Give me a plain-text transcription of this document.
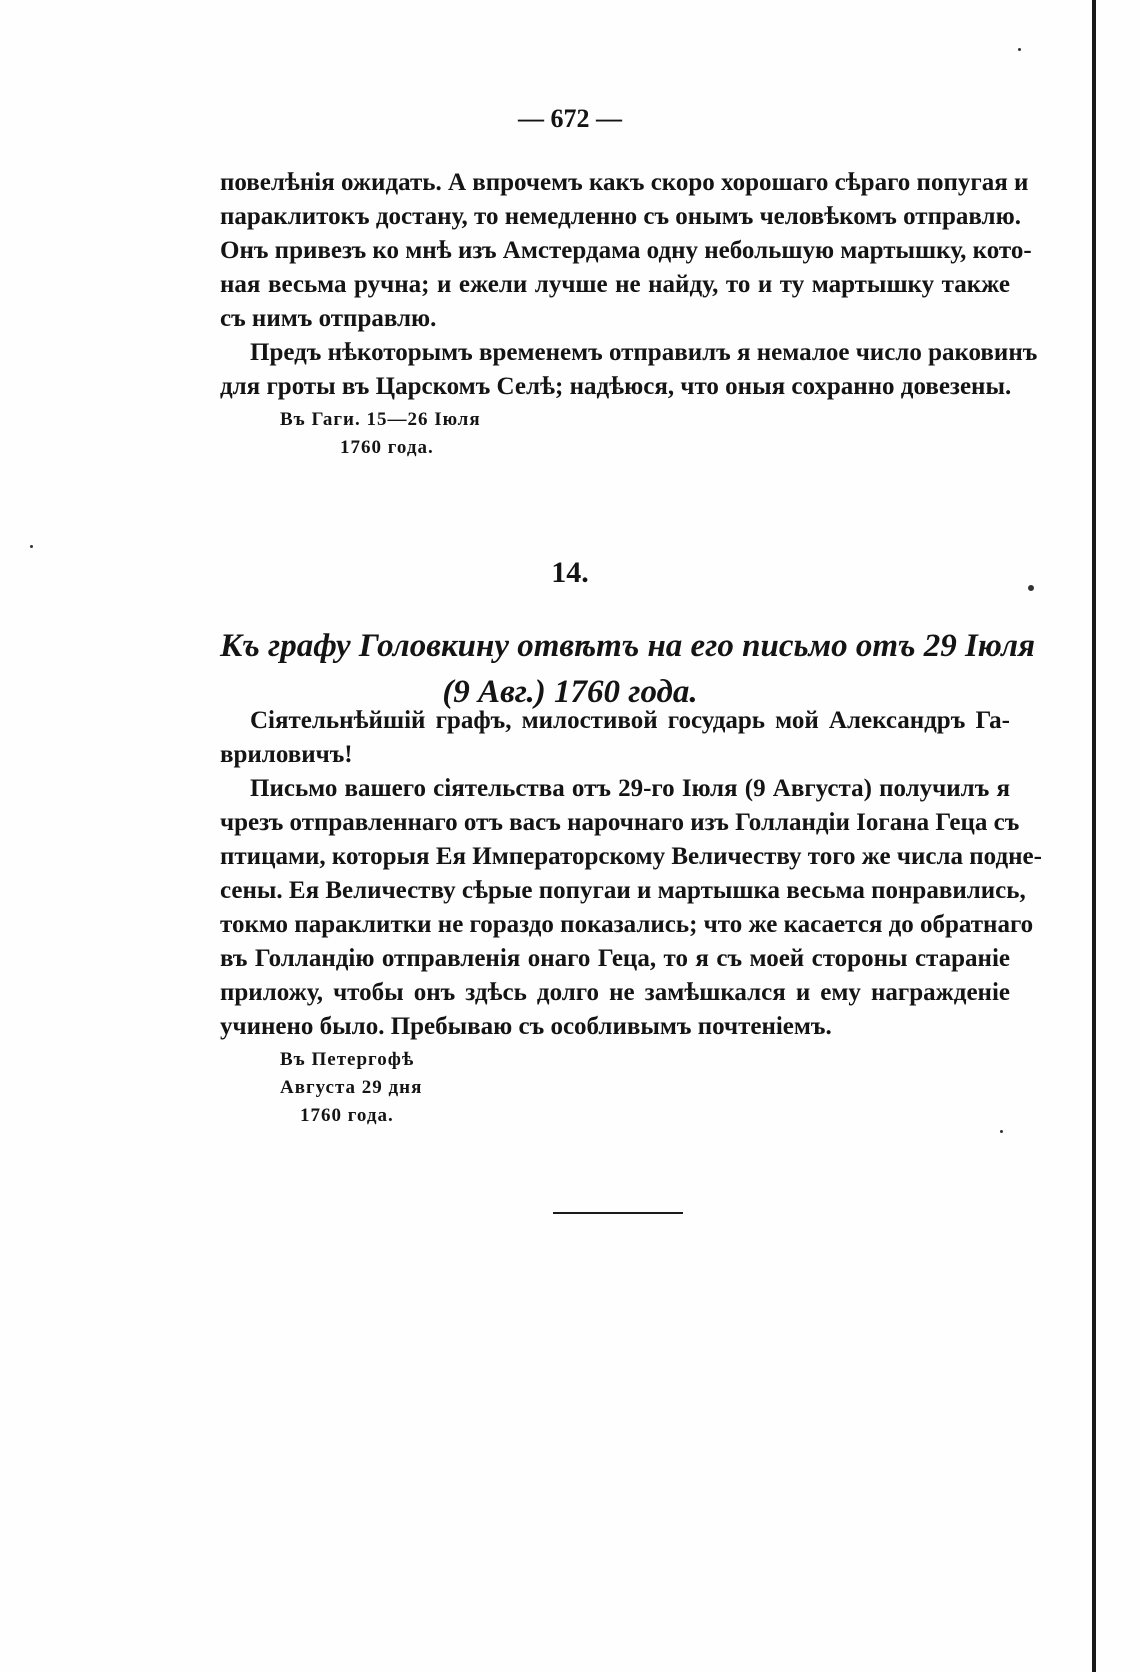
— 672 —
повелѣнія ожидать. А впрочемъ какъ скоро хорошаго сѣраго попугая и
параклитокъ достану, то немедленно съ онымъ человѣкомъ отправлю.
Онъ привезъ ко мнѣ изъ Амстердама одну небольшую мартышку, кото-
ная весьма ручна; и ежели лучше не найду, то и ту мартышку также
съ нимъ отправлю.
Предъ нѣкоторымъ временемъ отправилъ я немалое число раковинъ
для гроты въ Царскомъ Селѣ; надѣюся, что оныя сохранно довезены.
Въ Гаги. 15—26 Іюля
1760 года.
14.
Къ графу Головкину отвѣтъ на его письмо отъ 29 Іюля
(9 Авг.) 1760 года.
Сіятельнѣйшій графъ, милостивой государь мой Александръ Га-
вриловичъ!
Письмо вашего сіятельства отъ 29-го Іюля (9 Августа) получилъ я
чрезъ отправленнаго отъ васъ нарочнаго изъ Голландіи Іогана Геца съ
птицами, которыя Ея Императорскому Величеству того же числа подне-
сены. Ея Величеству сѣрые попугаи и мартышка весьма понравились,
токмо параклитки не гораздо показались; что же касается до обратнаго
въ Голландію отправленія онаго Геца, то я съ моей стороны стараніе
приложу, чтобы онъ здѣсь долго не замѣшкался и ему награжденіе
учинено было. Пребываю съ особливымъ почтеніемъ.
Въ Петергофѣ
Августа 29 дня
1760 года.
